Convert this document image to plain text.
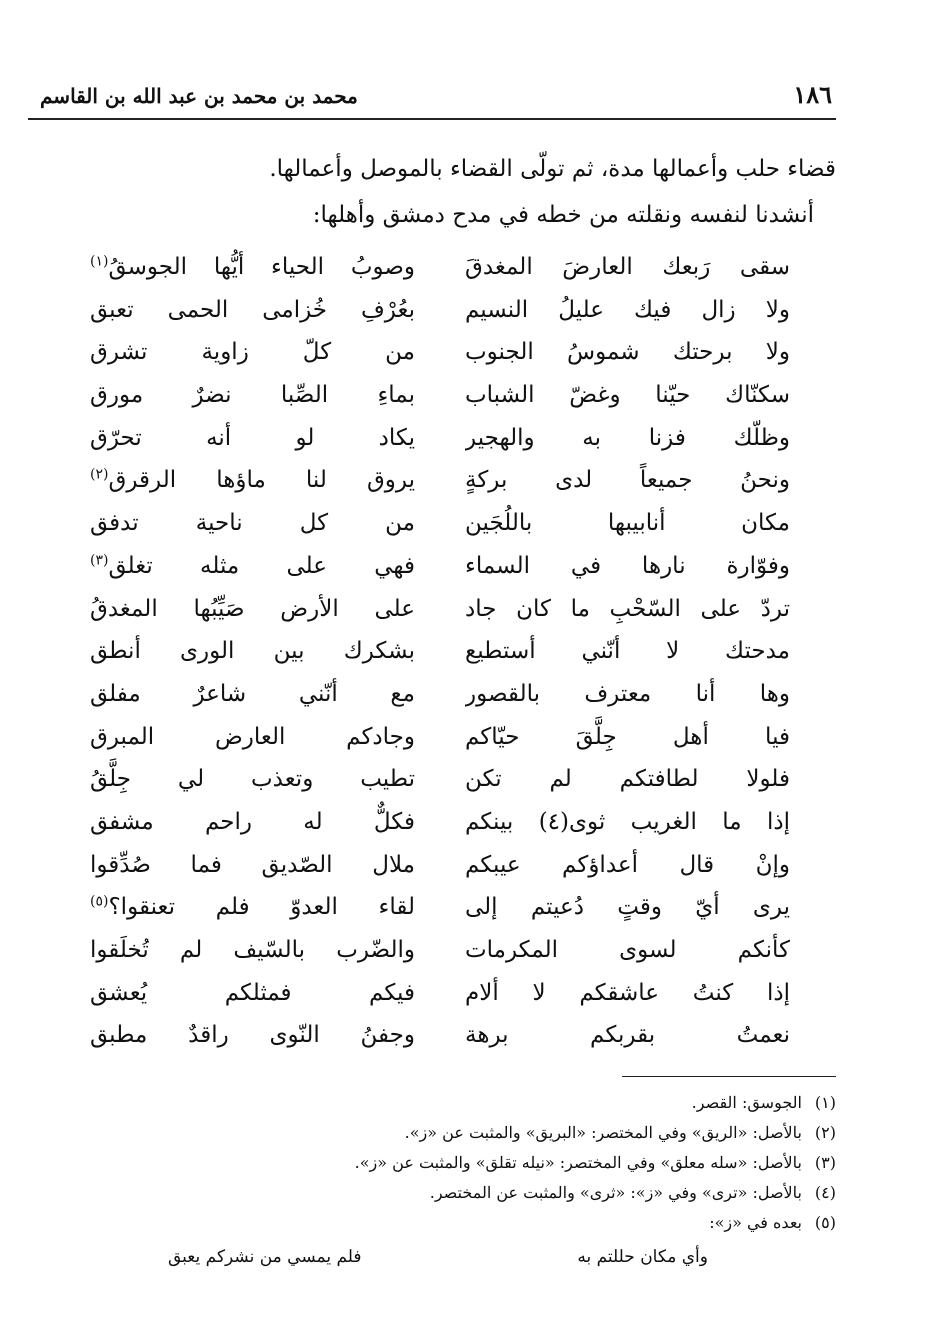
١٨٦
محمد بن محمد بن عبد الله بن القاسم
قضاء حلب وأعمالها مدة، ثم تولّى القضاء بالموصل وأعمالها.
أنشدنا لنفسه ونقلته من خطه في مدح دمشق وأهلها:
سقى رَبعك العارضَ المغدقَ
وصوبُ الحياء أيُّها الجوسقُ$^{(١)}$
ولا زال فيك عليلُ النسيم
بعُرْفِ خُزامى الحمى تعبق
ولا برحتك شموسُ الجنوب
من كلّ زاوية تشرق
سكنّاك حيّنا وغضّ الشباب
بماءِ الصِّبا نضرٌ مورق
وظلّك فزنا به والهجير
يكاد لو أنه تحرّق
ونحنُ جميعاً لدى بركةٍ
يروق لنا ماؤها الرقرق$^{(٢)}$
مكان أنابيبها باللُجَين
من كل ناحية تدفق
وفوّارة نارها في السماء
فهي على مثله تغلق$^{(٣)}$
تردّ على السّحْبِ ما كان جاد
على الأرض صَيِّبُها المغدقُ
مدحتك لا أنّني أستطيع
بشكرك بين الورى أنطق
وها أنا معترف بالقصور
مع أنّني شاعرٌ مفلق
فيا أهل جِلَّقَ حيّاكم
وجادكم العارض المبرق
فلولا لطافتكم لم تكن
تطيب وتعذب لي جِلَّقُ
إذا ما الغريب ثوى(٤) بينكم
فكلٌّ له راحم مشفق
وإنْ قال أعداؤكم عيبكم
ملال الصّديق فما صُدِّقوا
يرى أيّ وقتٍ دُعيتم إلى
لقاء العدوّ فلم تعنقوا؟$^{(٥)}$
كأنكم لسوى المكرمات
والضّرب بالسّيف لم تُخلَقوا
إذا كنتُ عاشقكم لا ألام
فيكم فمثلكم يُعشق
نعمتُ بقربكم برهة
وجفنُ النّوى راقدٌ مطبق
(١)الجوسق: القصر.
(٢)بالأصل: «الريق» وفي المختصر: «البريق» والمثبت عن «ز».
(٣)بالأصل: «سله معلق» وفي المختصر: «نيله تقلق» والمثبت عن «ز».
(٤)بالأصل: «ترى» وفي «ز»: «ثرى» والمثبت عن المختصر.
(٥)بعده في «ز»:
وأي مكان حللتم به
فلم يمسي من نشركم يعبق
